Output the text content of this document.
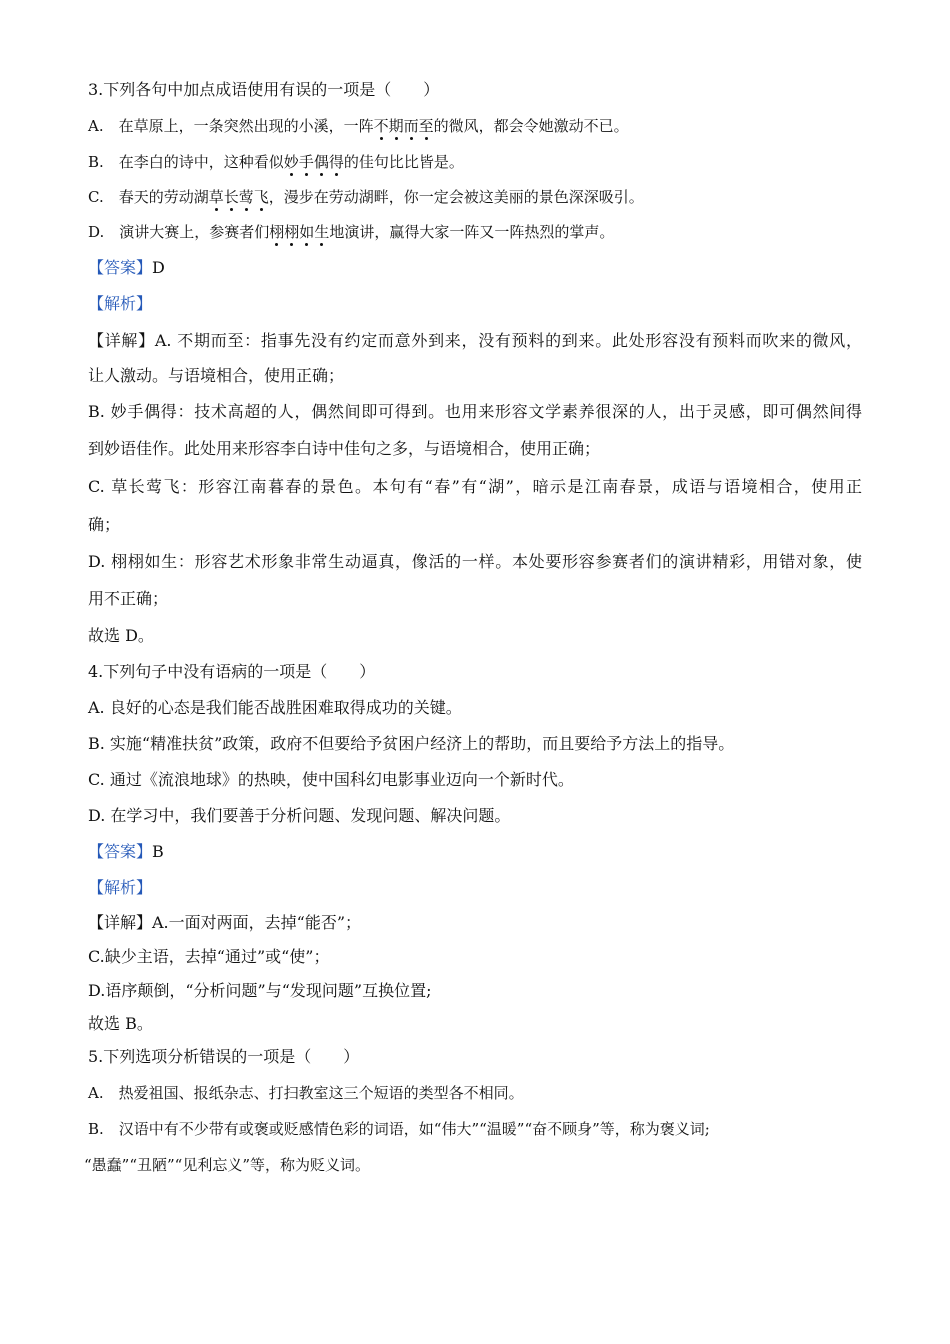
3.下列各句中加点成语使用有误的一项是（　　）
A.　在草原上，一条突然出现的小溪，一阵不期而至的微风，都会令她激动不已。
B.　在李白的诗中，这种看似妙手偶得的佳句比比皆是。
C.　春天的劳动湖草长莺飞，漫步在劳动湖畔，你一定会被这美丽的景色深深吸引。
D.　演讲大赛上，参赛者们栩栩如生地演讲，赢得大家一阵又一阵热烈的掌声。
【答案】D
【解析】
【详解】A. 不期而至：指事先没有约定而意外到来，没有预料的到来。此处形容没有预料而吹来的微风，
让人激动。与语境相合，使用正确；
B. 妙手偶得：技术高超的人，偶然间即可得到。也用来形容文学素养很深的人，出于灵感，即可偶然间得
到妙语佳作。此处用来形容李白诗中佳句之多，与语境相合，使用正确；
C. 草长莺飞：形容江南暮春的景色。本句有“春”有“湖”，暗示是江南春景，成语与语境相合，使用正
确；
D. 栩栩如生：形容艺术形象非常生动逼真，像活的一样。本处要形容参赛者们的演讲精彩，用错对象，使
用不正确；
故选 D。
4.下列句子中没有语病的一项是（　　）
A. 良好的心态是我们能否战胜困难取得成功的关键。
B. 实施“精准扶贫”政策，政府不但要给予贫困户经济上的帮助，而且要给予方法上的指导。
C. 通过《流浪地球》的热映，使中国科幻电影事业迈向一个新时代。
D. 在学习中，我们要善于分析问题、发现问题、解决问题。
【答案】B
【解析】
【详解】A.一面对两面，去掉“能否”；
C.缺少主语，去掉“通过”或“使”；
D.语序颠倒，“分析问题”与“发现问题”互换位置;
故选 B。
5.下列选项分析错误的一项是（　　）
A.　热爱祖国、报纸杂志、打扫教室这三个短语的类型各不相同。
B.　汉语中有不少带有或褒或贬感情色彩的词语，如“伟大”“温暖”“奋不顾身”等，称为褒义词;
“愚蠢”“丑陋”“见利忘义”等，称为贬义词。
